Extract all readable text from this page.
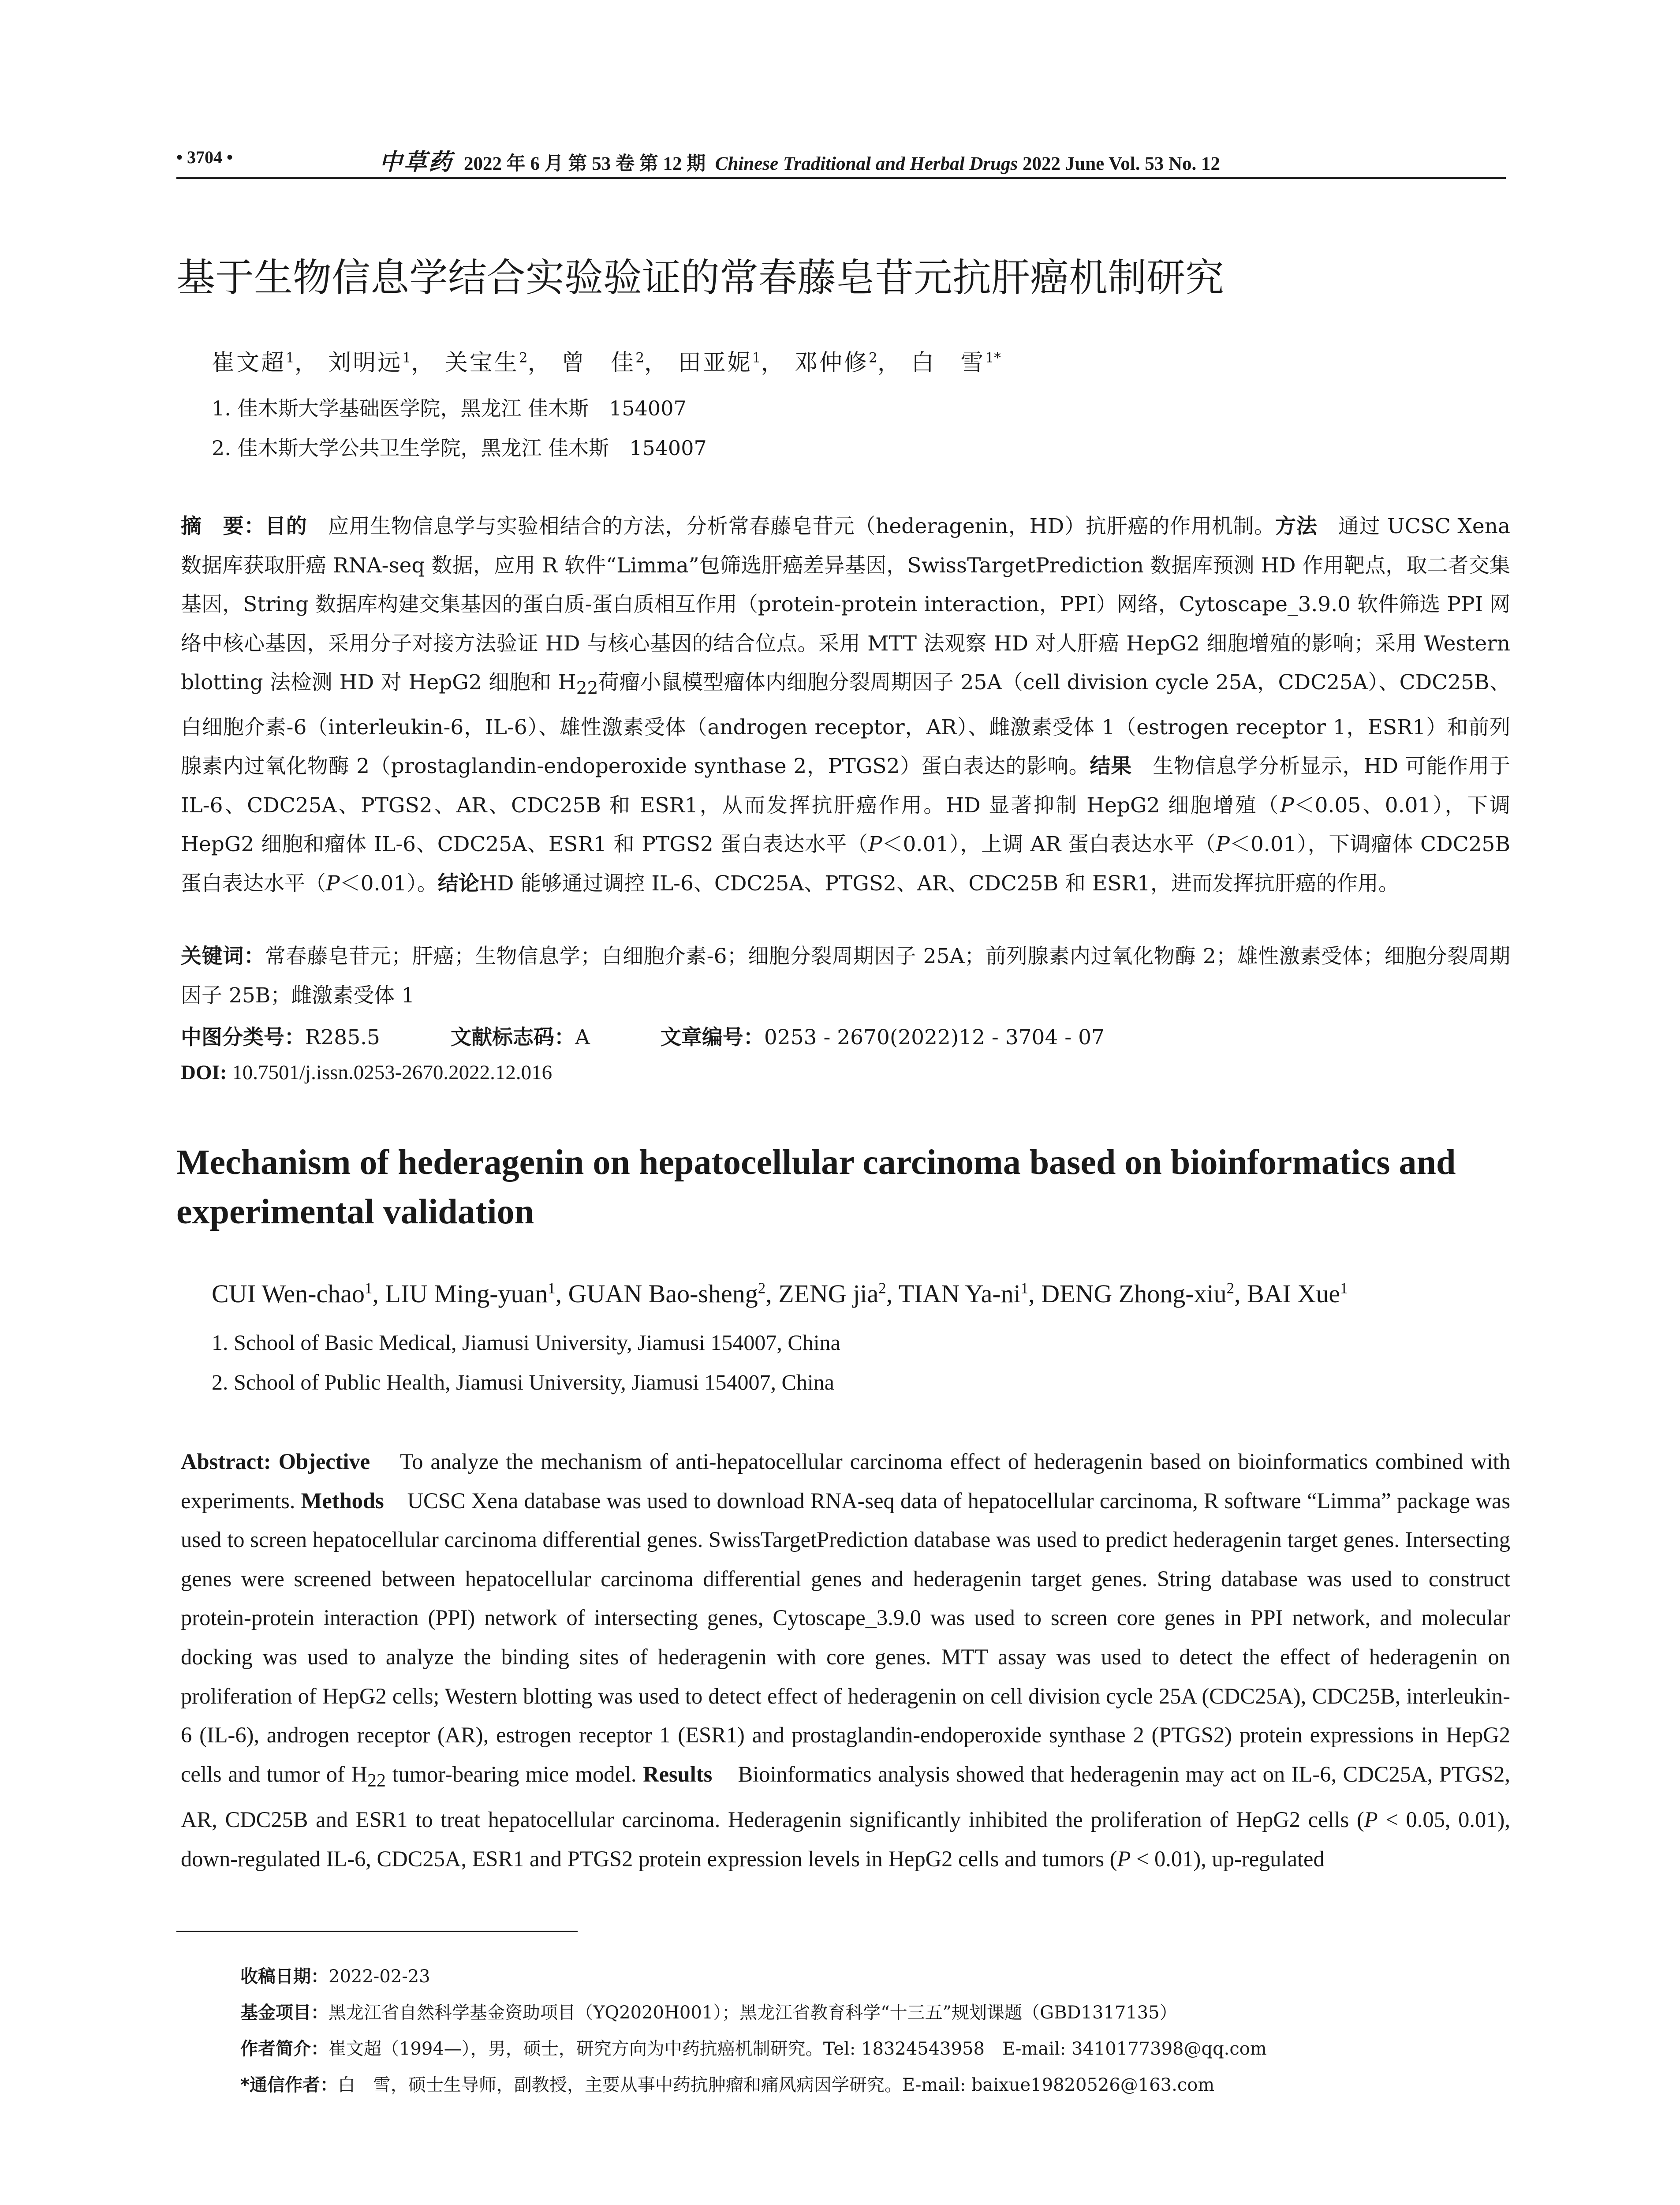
• 3704 •	中草药 2022 年 6 月 第 53 卷 第 12 期 Chinese Traditional and Herbal Drugs 2022 June Vol. 53 No. 12
基于生物信息学结合实验验证的常春藤皂苷元抗肝癌机制研究
崔文超$^1$， 刘明远$^1$， 关宝生$^2$， 曾　佳$^2$， 田亚妮$^1$， 邓仲修$^2$， 白　雪$^{1*}$
1. 佳木斯大学基础医学院，黑龙江 佳木斯　154007
2. 佳木斯大学公共卫生学院，黑龙江 佳木斯　154007
摘　要：目的 应用生物信息学与实验相结合的方法，分析常春藤皂苷元（hederagenin，HD）抗肝癌的作用机制。方法 通过 UCSC Xena 数据库获取肝癌 RNA-seq 数据，应用 R 软件“Limma”包筛选肝癌差异基因，SwissTargetPrediction 数据库预测 HD 作用靶点，取二者交集基因，String 数据库构建交集基因的蛋白质-蛋白质相互作用（protein-protein interaction，PPI）网络，Cytoscape_3.9.0 软件筛选 PPI 网络中核心基因，采用分子对接方法验证 HD 与核心基因的结合位点。采用 MTT 法观察 HD 对人肝癌 HepG2 细胞增殖的影响；采用 Western blotting 法检测 HD 对 HepG2 细胞和 $H_{22}$荷瘤小鼠模型瘤体内细胞分裂周期因子 25A（cell division cycle 25A，CDC25A）、CDC25B、白细胞介素-6（interleukin-6，IL-6）、雄性激素受体（androgen receptor，AR）、雌激素受体 1（estrogen receptor 1，ESR1）和前列腺素内过氧化物酶 2（prostaglandin-endoperoxide synthase 2，PTGS2）蛋白表达的影响。结果 生物信息学分析显示，HD 可能作用于 IL-6、CDC25A、PTGS2、AR、CDC25B 和 ESR1，从而发挥抗肝癌作用。HD 显著抑制 HepG2 细胞增殖（P＜0.05、0.01），下调 HepG2 细胞和瘤体 IL-6、CDC25A、ESR1 和 PTGS2 蛋白表达水平（P＜0.01），上调 AR 蛋白表达水平（P＜0.01），下调瘤体 CDC25B 蛋白表达水平（P＜0.01）。结论HD 能够通过调控 IL-6、CDC25A、PTGS2、AR、CDC25B 和 ESR1，进而发挥抗肝癌的作用。
关键词：常春藤皂苷元；肝癌；生物信息学；白细胞介素-6；细胞分裂周期因子 25A；前列腺素内过氧化物酶 2；雄性激素受体；细胞分裂周期因子 25B；雌激素受体 1
中图分类号：R285.5	文献标志码：A	文章编号：0253 - 2670(2022)12 - 3704 - 07
DOI: 10.7501/j.issn.0253-2670.2022.12.016
Mechanism of hederagenin on hepatocellular carcinoma based on bioinformatics and experimental validation
CUI Wen-chao$^1$, LIU Ming-yuan$^1$, GUAN Bao-sheng$^2$, ZENG jia$^2$, TIAN $Ya-ni^1$, DENG Zhong-xiu$^2$, BAI Xue$^1$
1. School of Basic Medical, Jiamusi University, Jiamusi 154007, China
2. School of Public Health, Jiamusi University, Jiamusi 154007, China
Abstract: Objective To analyze the mechanism of anti-hepatocellular carcinoma effect of hederagenin based on bioinformatics combined with experiments. Methods UCSC Xena database was used to download RNA-seq data of hepatocellular carcinoma, R software “Limma” package was used to screen hepatocellular carcinoma differential genes. SwissTargetPrediction database was used to predict hederagenin target genes. Intersecting genes were screened between hepatocellular carcinoma differential genes and hederagenin target genes. String database was used to construct protein-protein interaction (PPI) network of intersecting genes, Cytoscape_3.9.0 was used to screen core genes in PPI network, and molecular docking was used to analyze the binding sites of hederagenin with core genes. MTT assay was used to detect the effect of hederagenin on proliferation of HepG2 cells; Western blotting was used to detect effect of hederagenin on cell division cycle 25A (CDC25A), CDC25B, interleukin-6 (IL-6), androgen receptor (AR), estrogen receptor 1 (ESR1) and prostaglandin-endoperoxide synthase 2 (PTGS2) protein expressions in HepG2 cells and tumor of $H_{22}$ tumor-bearing mice model. Results Bioinformatics analysis showed that hederagenin may act on IL-6, CDC25A, PTGS2, AR, CDC25B and ESR1 to treat hepatocellular carcinoma. Hederagenin significantly inhibited the proliferation of HepG2 cells (P < 0.05, 0.01), down-regulated IL-6, CDC25A, ESR1 and PTGS2 protein expression levels in HepG2 cells and tumors (P < 0.01), up-regulated
收稿日期：2022-02-23
基金项目：黑龙江省自然科学基金资助项目（YQ2020H001）；黑龙江省教育科学“十三五”规划课题（GBD1317135）
作者简介：崔文超（1994—），男，硕士，研究方向为中药抗癌机制研究。Tel: 18324543958　E-mail: 3410177398@qq.com
*通信作者：白　雪，硕士生导师，副教授，主要从事中药抗肿瘤和痛风病因学研究。E-mail: baixue19820526@163.com
